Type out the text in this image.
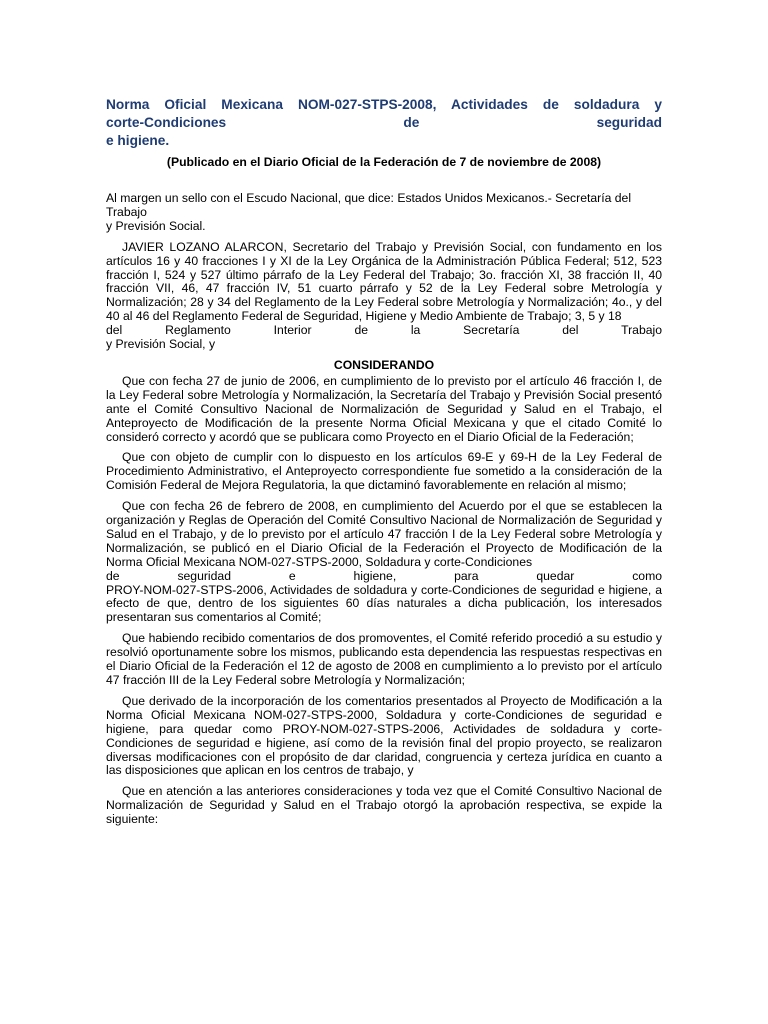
Norma Oficial Mexicana NOM-027-STPS-2008, Actividades de soldadura y
corte-Condiciones de seguridad
e higiene.
(Publicado en el Diario Oficial de la Federación de 7 de noviembre de 2008)
Al margen un sello con el Escudo Nacional, que dice: Estados Unidos Mexicanos.- Secretaría del
Trabajo
y Previsión Social.
JAVIER LOZANO ALARCON, Secretario del Trabajo y Previsión Social, con fundamento en los artículos 16 y 40 fracciones I y XI de la Ley Orgánica de la Administración Pública Federal; 512, 523 fracción I, 524 y 527 último párrafo de la Ley Federal del Trabajo; 3o. fracción XI, 38 fracción II, 40 fracción VII, 46, 47 fracción IV, 51 cuarto párrafo y 52 de la Ley Federal sobre Metrología y Normalización; 28 y 34 del Reglamento de la Ley Federal sobre Metrología y Normalización; 4o., y del 40 al 46 del Reglamento Federal de Seguridad, Higiene y Medio Ambiente de Trabajo; 3, 5 y 18
del Reglamento Interior de la Secretaría del Trabajo
y Previsión Social, y
CONSIDERANDO

Que con fecha 27 de junio de 2006, en cumplimiento de lo previsto por el artículo 46 fracción I, de la Ley Federal sobre Metrología y Normalización, la Secretaría del Trabajo y Previsión Social presentó ante el Comité Consultivo Nacional de Normalización de Seguridad y Salud en el Trabajo, el Anteproyecto de Modificación de la presente Norma Oficial Mexicana y que el citado Comité lo consideró correcto y acordó que se publicara como Proyecto en el Diario Oficial de la Federación;

Que con objeto de cumplir con lo dispuesto en los artículos 69-E y 69-H de la Ley Federal de Procedimiento Administrativo, el Anteproyecto correspondiente fue sometido a la consideración de la Comisión Federal de Mejora Regulatoria, la que dictaminó favorablemente en relación al mismo;

Que con fecha 26 de febrero de 2008, en cumplimiento del Acuerdo por el que se establecen la organización y Reglas de Operación del Comité Consultivo Nacional de Normalización de Seguridad y Salud en el Trabajo, y de lo previsto por el artículo 47 fracción I de la Ley Federal sobre Metrología y Normalización, se publicó en el Diario Oficial de la Federación el Proyecto de Modificación de la Norma Oficial Mexicana NOM-027-STPS-2000, Soldadura y corte-Condiciones
de seguridad e higiene, para quedar como
PROY-NOM-027-STPS-2006, Actividades de soldadura y corte-Condiciones de seguridad e higiene, a efecto de que, dentro de los siguientes 60 días naturales a dicha publicación, los interesados presentaran sus comentarios al Comité;

Que habiendo recibido comentarios de dos promoventes, el Comité referido procedió a su estudio y resolvió oportunamente sobre los mismos, publicando esta dependencia las respuestas respectivas en el Diario Oficial de la Federación el 12 de agosto de 2008 en cumplimiento a lo previsto por el artículo 47 fracción III de la Ley Federal sobre Metrología y Normalización;

Que derivado de la incorporación de los comentarios presentados al Proyecto de Modificación a la Norma Oficial Mexicana NOM-027-STPS-2000, Soldadura y corte-Condiciones de seguridad e higiene, para quedar como PROY-NOM-027-STPS-2006, Actividades de soldadura y corte-Condiciones de seguridad e higiene, así como de la revisión final del propio proyecto, se realizaron diversas modificaciones con el propósito de dar claridad, congruencia y certeza jurídica en cuanto a las disposiciones que aplican en los centros de trabajo, y

Que en atención a las anteriores consideraciones y toda vez que el Comité Consultivo Nacional de Normalización de Seguridad y Salud en el Trabajo otorgó la aprobación respectiva, se expide la siguiente:
